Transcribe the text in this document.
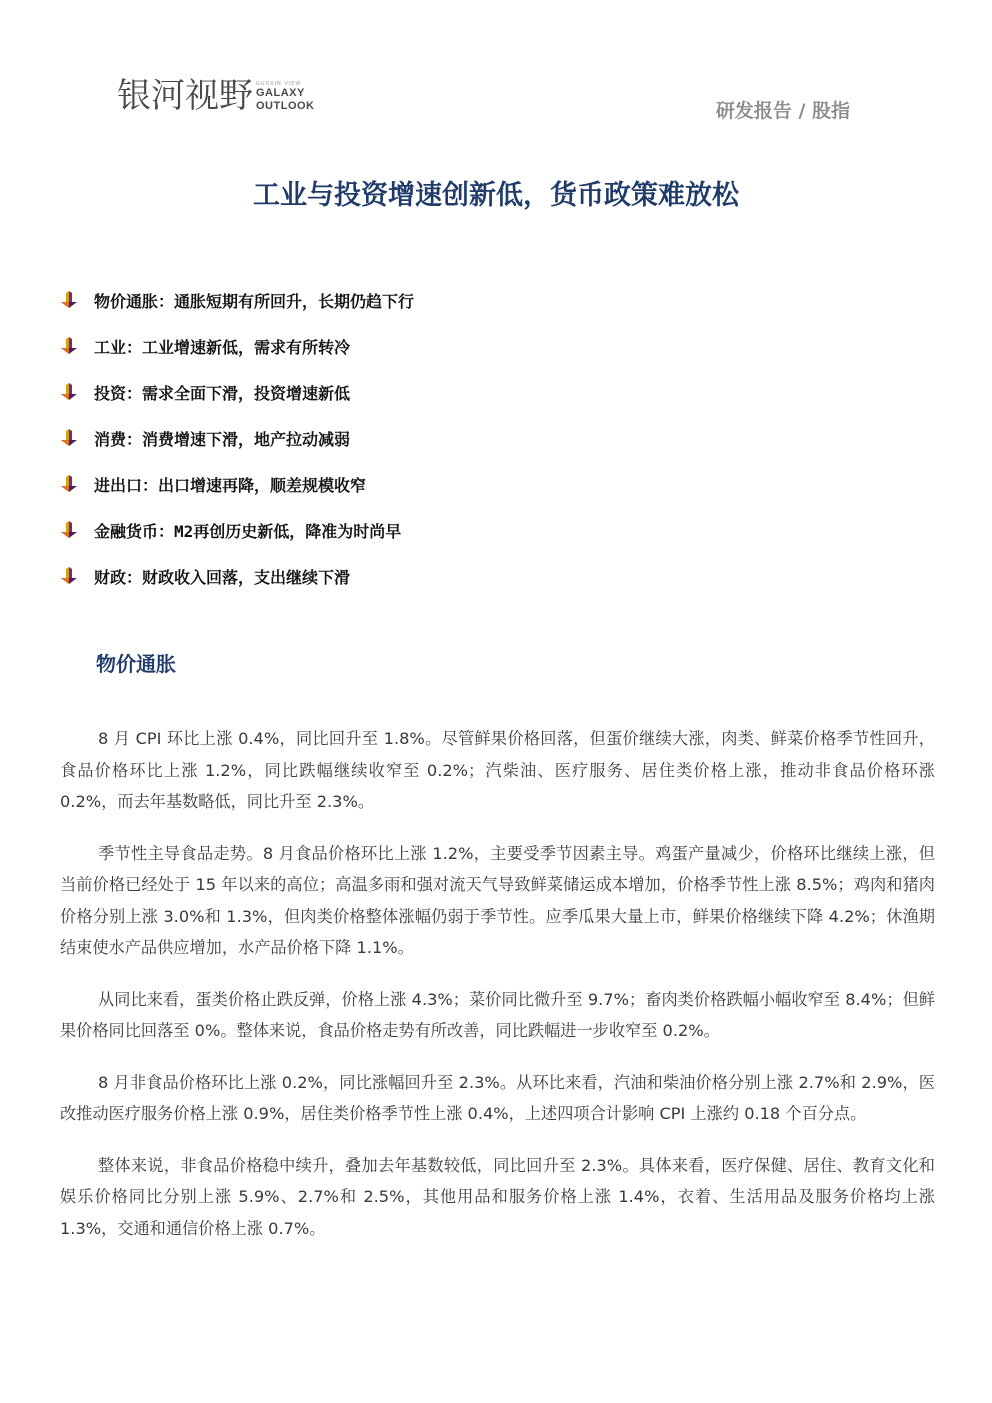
银河视野 GUOXIN VIEW
GALAXY
OUTLOOK	研发报告 / 股指
工业与投资增速创新低，货币政策难放松
物价通胀：通胀短期有所回升，长期仍趋下行
工业：工业增速新低，需求有所转冷
投资：需求全面下滑，投资增速新低
消费：消费增速下滑，地产拉动减弱
进出口：出口增速再降，顺差规模收窄
金融货币：M2再创历史新低，降准为时尚早
财政：财政收入回落，支出继续下滑
物价通胀

8 月 CPI 环比上涨 0.4%，同比回升至 1.8%。尽管鲜果价格回落，但蛋价继续大涨，肉类、鲜菜价格季节性回升，食品价格环比上涨 1.2%，同比跌幅继续收窄至 0.2%；汽柴油、医疗服务、居住类价格上涨，推动非食品价格环涨 0.2%，而去年基数略低，同比升至 2.3%。

季节性主导食品走势。8 月食品价格环比上涨 1.2%，主要受季节因素主导。鸡蛋产量减少，价格环比继续上涨，但当前价格已经处于 15 年以来的高位；高温多雨和强对流天气导致鲜菜储运成本增加，价格季节性上涨 8.5%；鸡肉和猪肉价格分别上涨 3.0%和 1.3%，但肉类价格整体涨幅仍弱于季节性。应季瓜果大量上市，鲜果价格继续下降 4.2%；休渔期结束使水产品供应增加，水产品价格下降 1.1%。

从同比来看，蛋类价格止跌反弹，价格上涨 4.3%；菜价同比微升至 9.7%；畜肉类价格跌幅小幅收窄至 8.4%；但鲜果价格同比回落至 0%。整体来说，食品价格走势有所改善，同比跌幅进一步收窄至 0.2%。

8 月非食品价格环比上涨 0.2%，同比涨幅回升至 2.3%。从环比来看，汽油和柴油价格分别上涨 2.7%和 2.9%，医改推动医疗服务价格上涨 0.9%，居住类价格季节性上涨 0.4%，上述四项合计影响 CPI 上涨约 0.18 个百分点。

整体来说，非食品价格稳中续升，叠加去年基数较低，同比回升至 2.3%。具体来看，医疗保健、居住、教育文化和娱乐价格同比分别上涨 5.9%、2.7%和 2.5%，其他用品和服务价格上涨 1.4%，衣着、生活用品及服务价格均上涨 1.3%，交通和通信价格上涨 0.7%。
